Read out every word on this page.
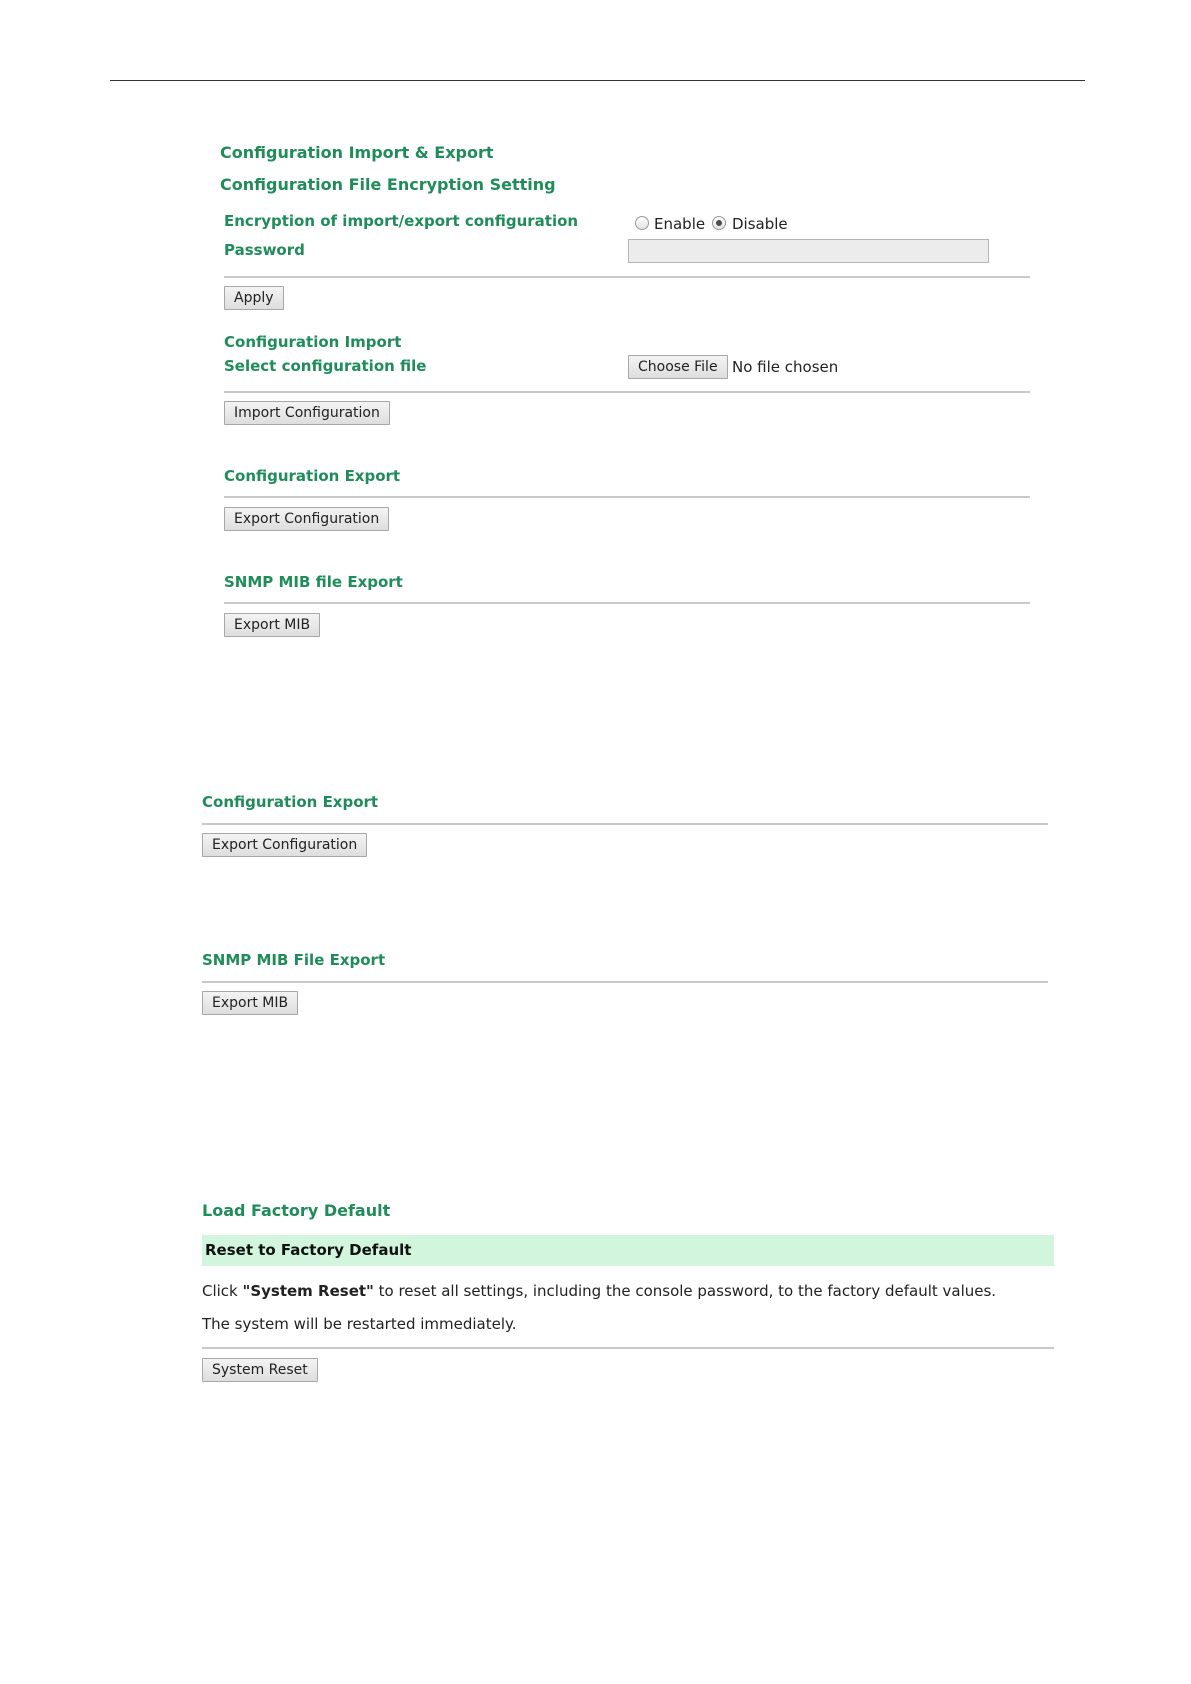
Configuration Import & Export
Configuration File Encryption Setting
Encryption of import/export configuration	Enable Disable
Password
Apply
Configuration Import
Select configuration file	Choose File No file chosen
Import Configuration
Configuration Export
Export Configuration
SNMP MIB file Export
Export MIB
Configuration Export
Export Configuration
SNMP MIB File Export
Export MIB
Load Factory Default
Reset to Factory Default
Click "System Reset" to reset all settings, including the console password, to the factory default values.
The system will be restarted immediately.
System Reset
